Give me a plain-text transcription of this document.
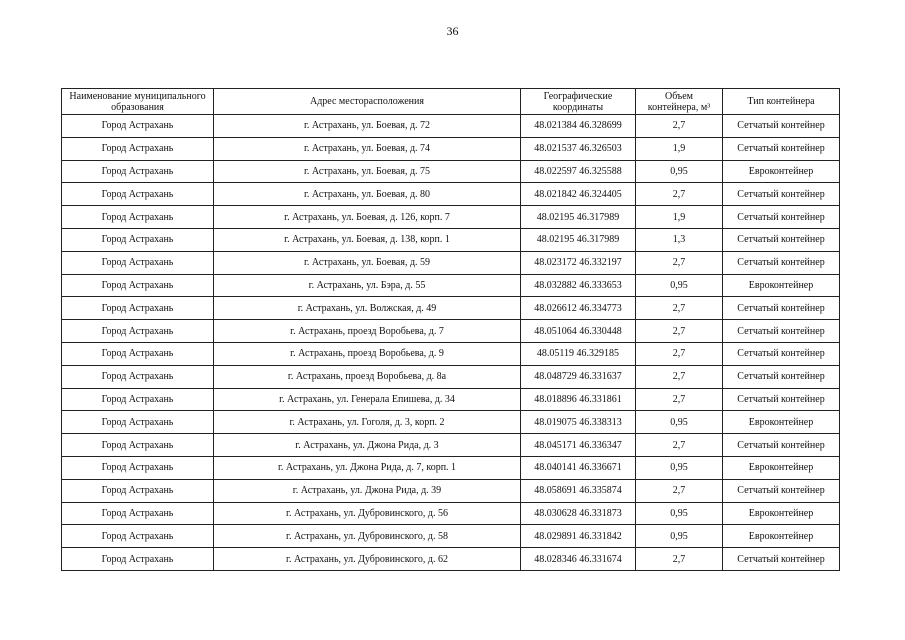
36
Наименование муниципального образования	Адрес месторасположения	Географические координаты	Объем контейнера, м³	Тип контейнера
Город Астрахань	г. Астрахань, ул. Боевая, д. 72	48.021384 46.328699	2,7	Сетчатый контейнер
Город Астрахань	г. Астрахань, ул. Боевая, д. 74	48.021537 46.326503	1,9	Сетчатый контейнер
Город Астрахань	г. Астрахань, ул. Боевая, д. 75	48.022597 46.325588	0,95	Евроконтейнер
Город Астрахань	г. Астрахань, ул. Боевая, д. 80	48.021842 46.324405	2,7	Сетчатый контейнер
Город Астрахань	г. Астрахань, ул. Боевая, д. 126, корп. 7	48.02195 46.317989	1,9	Сетчатый контейнер
Город Астрахань	г. Астрахань, ул. Боевая, д. 138, корп. 1	48.02195 46.317989	1,3	Сетчатый контейнер
Город Астрахань	г. Астрахань, ул. Боевая, д. 59	48.023172 46.332197	2,7	Сетчатый контейнер
Город Астрахань	г. Астрахань, ул. Бэра, д. 55	48.032882 46.333653	0,95	Евроконтейнер
Город Астрахань	г. Астрахань, ул. Волжская, д. 49	48.026612 46.334773	2,7	Сетчатый контейнер
Город Астрахань	г. Астрахань, проезд Воробьева, д. 7	48.051064 46.330448	2,7	Сетчатый контейнер
Город Астрахань	г. Астрахань, проезд Воробьева, д. 9	48.05119 46.329185	2,7	Сетчатый контейнер
Город Астрахань	г. Астрахань, проезд Воробьева, д. 8а	48.048729 46.331637	2,7	Сетчатый контейнер
Город Астрахань	г. Астрахань, ул. Генерала Епишева, д. 34	48.018896 46.331861	2,7	Сетчатый контейнер
Город Астрахань	г. Астрахань, ул. Гоголя, д. 3, корп. 2	48.019075 46.338313	0,95	Евроконтейнер
Город Астрахань	г. Астрахань, ул. Джона Рида, д. 3	48.045171 46.336347	2,7	Сетчатый контейнер
Город Астрахань	г. Астрахань, ул. Джона Рида, д. 7, корп. 1	48.040141 46.336671	0,95	Евроконтейнер
Город Астрахань	г. Астрахань, ул. Джона Рида, д. 39	48.058691 46.335874	2,7	Сетчатый контейнер
Город Астрахань	г. Астрахань, ул. Дубровинского, д. 56	48.030628 46.331873	0,95	Евроконтейнер
Город Астрахань	г. Астрахань, ул. Дубровинского, д. 58	48.029891 46.331842	0,95	Евроконтейнер
Город Астрахань	г. Астрахань, ул. Дубровинского, д. 62	48.028346 46.331674	2,7	Сетчатый контейнер
